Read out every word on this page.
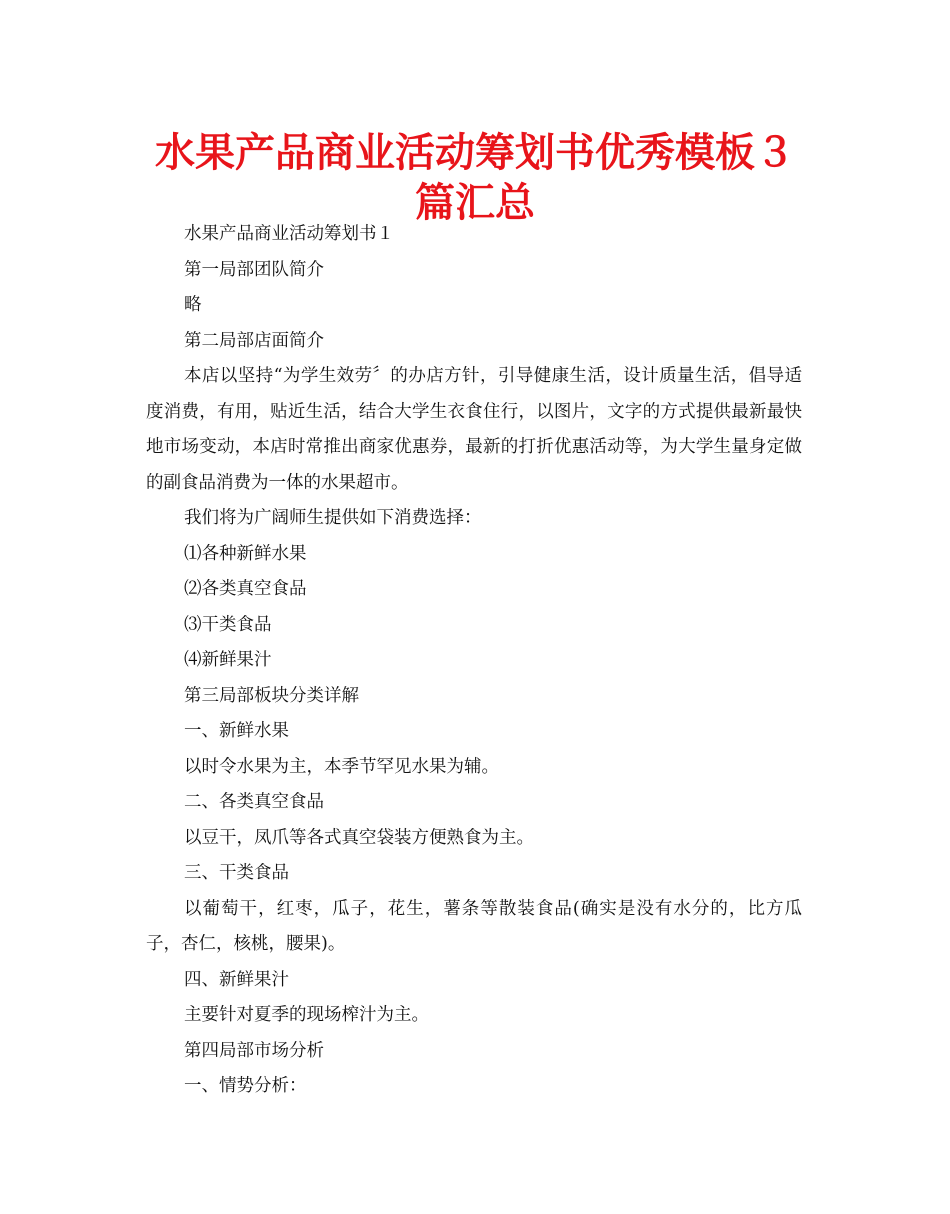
水果产品商业活动筹划书优秀模板３篇汇总

水果产品商业活动筹划书１

第一局部团队简介

略

第二局部店面简介

本店以坚持“为学生效劳〞的办店方针，引导健康生活，设计质量生活，倡导适度消费，有用，贴近生活，结合大学生衣食住行，以图片，文字的方式提供最新最快地市场变动，本店时常推出商家优惠券，最新的打折优惠活动等，为大学生量身定做的副食品消费为一体的水果超市。

我们将为广阔师生提供如下消费选择：

⑴各种新鲜水果

⑵各类真空食品

⑶干类食品

⑷新鲜果汁

第三局部板块分类详解

一、新鲜水果

以时令水果为主，本季节罕见水果为辅。

二、各类真空食品

以豆干，凤爪等各式真空袋装方便熟食为主。

三、干类食品

以葡萄干，红枣，瓜子，花生，薯条等散装食品(确实是没有水分的，比方瓜子，杏仁，核桃，腰果)。

四、新鲜果汁

主要针对夏季的现场榨汁为主。

第四局部市场分析

一、情势分析：
